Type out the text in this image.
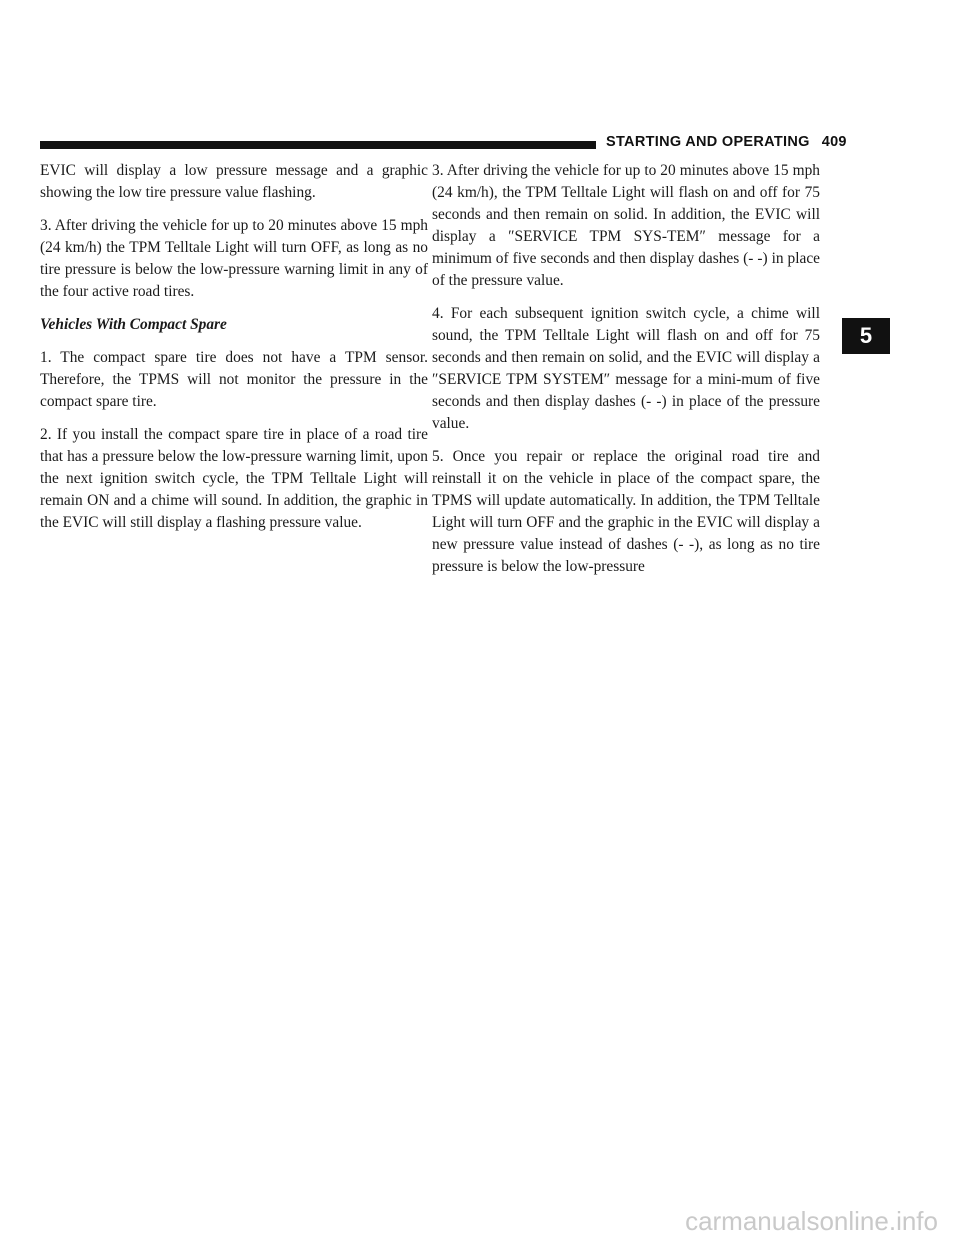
STARTING AND OPERATING 409

EVIC will display a low pressure message and a graphic showing the low tire pressure value flashing.

3. After driving the vehicle for up to 20 minutes above 15 mph (24 km/h) the TPM Telltale Light will turn OFF, as long as no tire pressure is below the low-pressure warning limit in any of the four active road tires.

Vehicles With Compact Spare

1. The compact spare tire does not have a TPM sensor. Therefore, the TPMS will not monitor the pressure in the compact spare tire.

2. If you install the compact spare tire in place of a road tire that has a pressure below the low-pressure warning limit, upon the next ignition switch cycle, the TPM Telltale Light will remain ON and a chime will sound. In addition, the graphic in the EVIC will still display a flashing pressure value.

3. After driving the vehicle for up to 20 minutes above 15 mph (24 km/h), the TPM Telltale Light will flash on and off for 75 seconds and then remain on solid. In addition, the EVIC will display a ″SERVICE TPM SYS-TEM″ message for a minimum of five seconds and then display dashes (- -) in place of the pressure value.

4. For each subsequent ignition switch cycle, a chime will sound, the TPM Telltale Light will flash on and off for 75 seconds and then remain on solid, and the EVIC will display a ″SERVICE TPM SYSTEM″ message for a mini-mum of five seconds and then display dashes (- -) in place of the pressure value.

5. Once you repair or replace the original road tire and reinstall it on the vehicle in place of the compact spare, the TPMS will update automatically. In addition, the TPM Telltale Light will turn OFF and the graphic in the EVIC will display a new pressure value instead of dashes (- -), as long as no tire pressure is below the low-pressure

5
carmanualsonline.info
